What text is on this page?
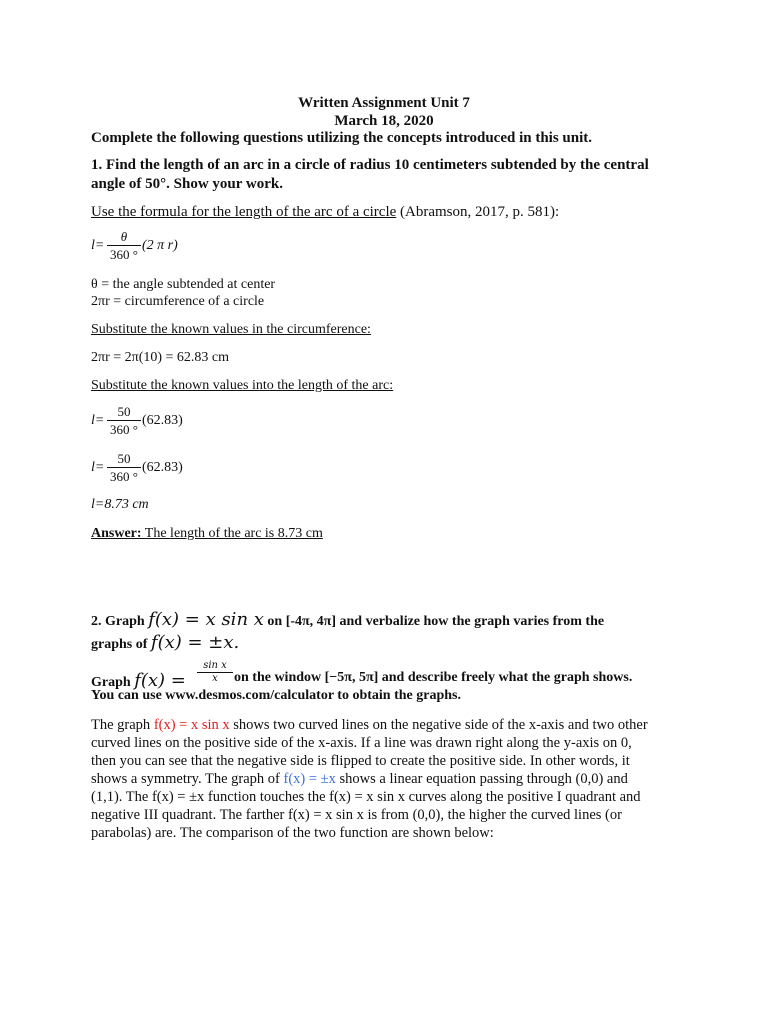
Written Assignment Unit 7
March 18, 2020
Complete the following questions utilizing the concepts introduced in this unit.
1. Find the length of an arc in a circle of radius 10 centimeters subtended by the central
angle of 50°. Show your work.
Use the formula for the length of the arc of a circle (Abramson, 2017, p. 581):
l=
θ
360 °
(2 π r)
θ = the angle subtended at center
2πr = circumference of a circle
Substitute the known values in the circumference:
2πr = 2π(10) = 62.83 cm
Substitute the known values into the length of the arc:
l=
50
360 °
(62.83)
l=
50
360 °
(62.83)
l=8.73 cm
Answer: The length of the arc is 8.73 cm
2. Graph f(x) = x sin x on [-4π, 4π] and verbalize how the graph varies from the
graphs of f(x) = ±x.
Graph f(x) =
sin x
x	on the window [−5π, 5π] and describe freely what the graph shows.
You can use www.desmos.com/calculator to obtain the graphs.
The graph f(x) = x sin x shows two curved lines on the negative side of the x-axis and two other
curved lines on the positive side of the x-axis. If a line was drawn right along the y-axis on 0,
then you can see that the negative side is flipped to create the positive side. In other words, it
shows a symmetry. The graph of f(x) = ±x shows a linear equation passing through (0,0) and
(1,1). The f(x) = ±x function touches the f(x) = x sin x curves along the positive I quadrant and
negative III quadrant. The farther f(x) = x sin x is from (0,0), the higher the curved lines (or
parabolas) are. The comparison of the two function are shown below:
